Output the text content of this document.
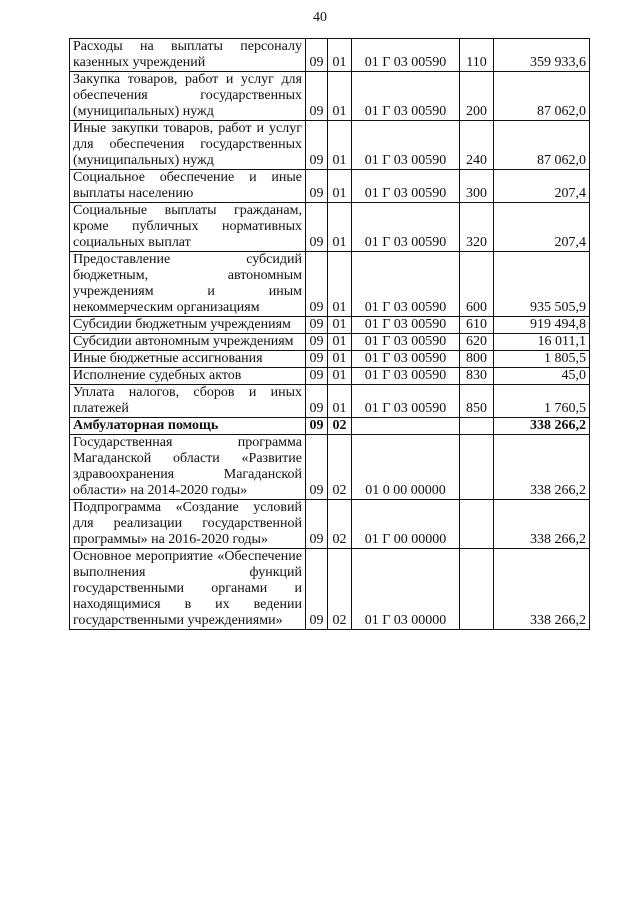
40
Расходы на выплаты персоналу казенных учреждений	09	01	01 Г 03 00590	110	359 933,6
Закупка товаров, работ и услуг для обеспечения государственных (муниципальных) нужд	09	01	01 Г 03 00590	200	87 062,0
Иные закупки товаров, работ и услуг для обеспечения государственных (муниципальных) нужд	09	01	01 Г 03 00590	240	87 062,0
Социальное обеспечение и иные выплаты населению	09	01	01 Г 03 00590	300	207,4
Социальные выплаты гражданам, кроме публичных нормативных социальных выплат	09	01	01 Г 03 00590	320	207,4
Предоставление субсидий бюджетным, автономным учреждениям и иным некоммерческим организациям	09	01	01 Г 03 00590	600	935 505,9
Субсидии бюджетным учреждениям	09	01	01 Г 03 00590	610	919 494,8
Субсидии автономным учреждениям	09	01	01 Г 03 00590	620	16 011,1
Иные бюджетные ассигнования	09	01	01 Г 03 00590	800	1 805,5
Исполнение судебных актов	09	01	01 Г 03 00590	830	45,0
Уплата налогов, сборов и иных платежей	09	01	01 Г 03 00590	850	1 760,5
Амбулаторная помощь	09	02			338 266,2
Государственная программа Магаданской области «Развитие здравоохранения Магаданской области» на 2014-2020 годы»	09	02	01 0 00 00000		338 266,2
Подпрограмма «Создание условий для реализации государственной программы» на 2016-2020 годы»	09	02	01 Г 00 00000		338 266,2
Основное мероприятие «Обеспечение выполнения функций государственными органами и находящимися в их ведении государственными учреждениями»	09	02	01 Г 03 00000		338 266,2
